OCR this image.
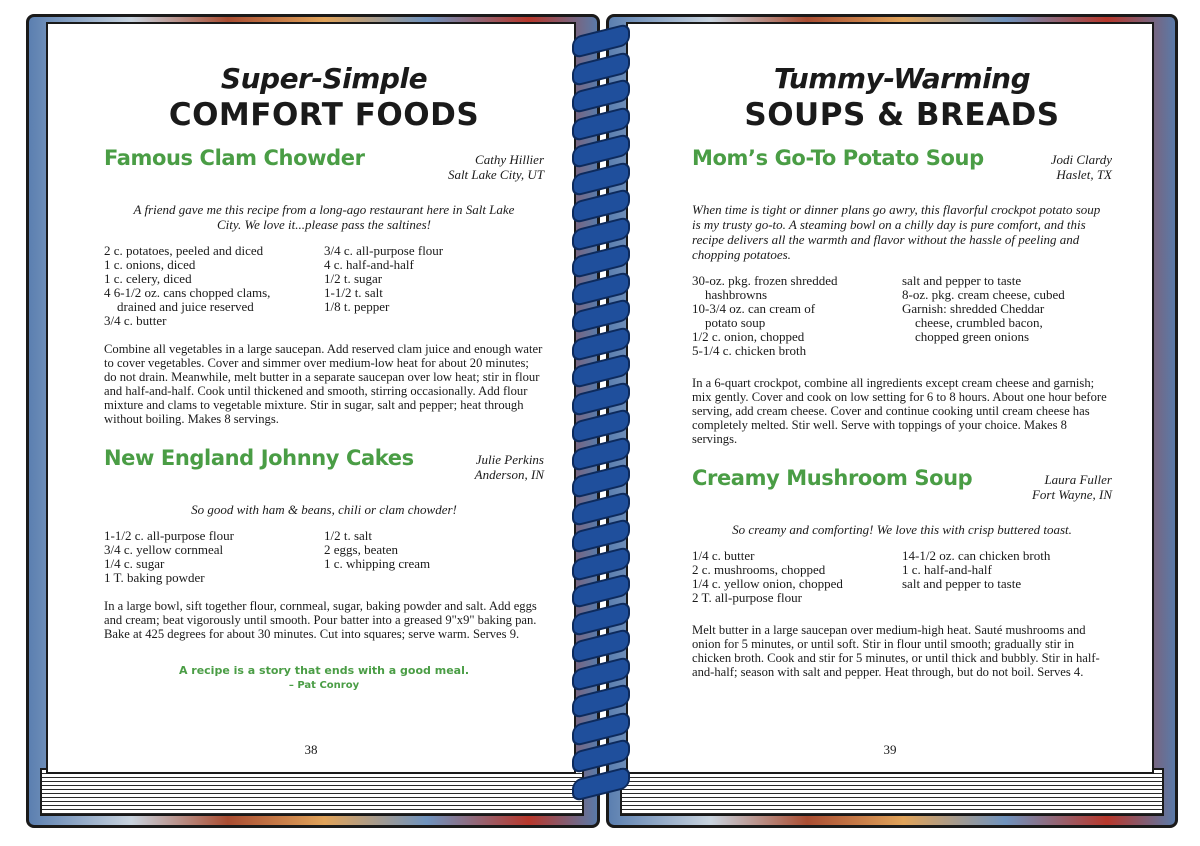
Super-Simple
COMFORT FOODS
Famous Clam Chowder	Cathy Hillier
Salt Lake City, UT
A friend gave me this recipe from a long-ago restaurant here in Salt Lake City. We love it...please pass the saltines!
2 c. potatoes, peeled and diced
1 c. onions, diced
1 c. celery, diced
4 6-1/2 oz. cans chopped clams,
drained and juice reserved
3/4 c. butter
3/4 c. all-purpose flour
4 c. half-and-half
1/2 t. sugar
1-1/2 t. salt
1/8 t. pepper
Combine all vegetables in a large saucepan. Add reserved clam juice and enough water to cover vegetables. Cover and simmer over medium-low heat for about 20 minutes; do not drain. Meanwhile, melt butter in a separate saucepan over low heat; stir in flour and half-and-half. Cook until thickened and smooth, stirring occasionally. Add flour mixture and clams to vegetable mixture. Stir in sugar, salt and pepper; heat through without boiling. Makes 8 servings.
New England Johnny Cakes	Julie Perkins
Anderson, IN
So good with ham & beans, chili or clam chowder!
1-1/2 c. all-purpose flour
3/4 c. yellow cornmeal
1/4 c. sugar
1 T. baking powder
1/2 t. salt
2 eggs, beaten
1 c. whipping cream
In a large bowl, sift together flour, cornmeal, sugar, baking powder and salt. Add eggs and cream; beat vigorously until smooth. Pour batter into a greased 9"x9" baking pan. Bake at 425 degrees for about 30 minutes. Cut into squares; serve warm. Serves 9.
A recipe is a story that ends with a good meal.
– Pat Conroy
38
Tummy-Warming
SOUPS & BREADS
Mom’s Go-To Potato Soup	Jodi Clardy
Haslet, TX
When time is tight or dinner plans go awry, this flavorful crockpot potato soup is my trusty go-to. A steaming bowl on a chilly day is pure comfort, and this recipe delivers all the warmth and flavor without the hassle of peeling and chopping potatoes.
30-oz. pkg. frozen shredded
hashbrowns
10-3/4 oz. can cream of
potato soup
1/2 c. onion, chopped
5-1/4 c. chicken broth
salt and pepper to taste
8-oz. pkg. cream cheese, cubed
Garnish: shredded Cheddar
cheese, crumbled bacon,
chopped green onions
In a 6-quart crockpot, combine all ingredients except cream cheese and garnish; mix gently. Cover and cook on low setting for 6 to 8 hours. About one hour before serving, add cream cheese. Cover and continue cooking until cream cheese has completely melted. Stir well. Serve with toppings of your choice. Makes 8 servings.
Creamy Mushroom Soup	Laura Fuller
Fort Wayne, IN
So creamy and comforting! We love this with crisp buttered toast.
1/4 c. butter
2 c. mushrooms, chopped
1/4 c. yellow onion, chopped
2 T. all-purpose flour
14-1/2 oz. can chicken broth
1 c. half-and-half
salt and pepper to taste
Melt butter in a large saucepan over medium-high heat. Sauté mushrooms and onion for 5 minutes, or until soft. Stir in flour until smooth; gradually stir in chicken broth. Cook and stir for 5 minutes, or until thick and bubbly. Stir in half-and-half; season with salt and pepper. Heat through, but do not boil. Serves 4.
39
